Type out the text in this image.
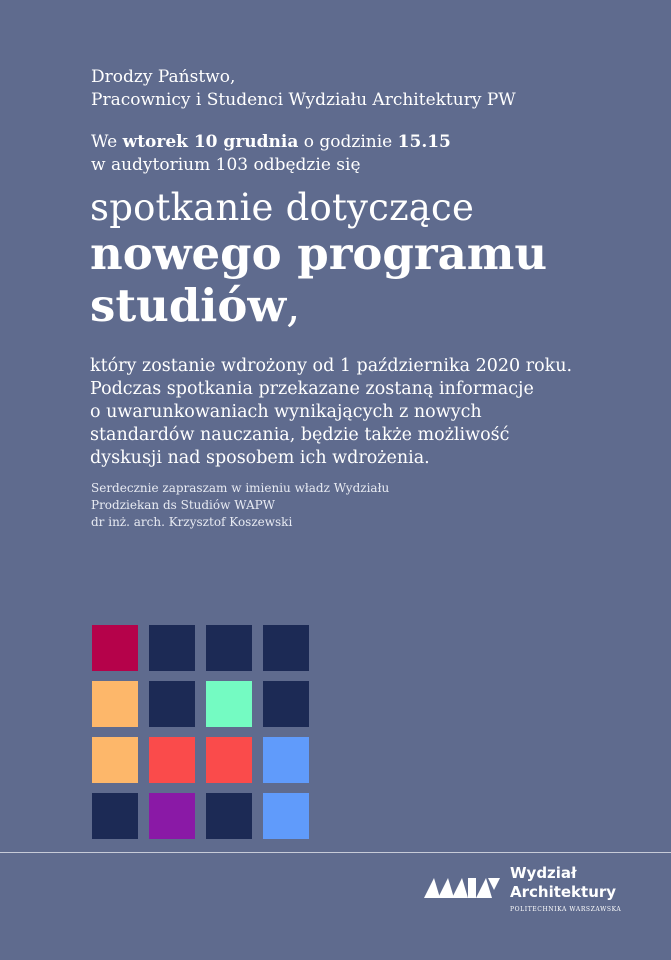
Drodzy Państwo,
Pracownicy i Studenci Wydziału Architektury PW
We wtorek 10 grudnia o godzinie 15.15
w audytorium 103 odbędzie się
spotkanie dotyczące
nowego programu
studiów,
który zostanie wdrożony od 1 października 2020 roku.
Podczas spotkania przekazane zostaną informacje
o uwarunkowaniach wynikających z nowych
standardów nauczania, będzie także możliwość
dyskusji nad sposobem ich wdrożenia.
Serdecznie zapraszam w imieniu władz Wydziału
Prodziekan ds Studiów WAPW
dr inż. arch. Krzysztof Koszewski
Wydział
Architektury
POLITECHNIKA WARSZAWSKA
